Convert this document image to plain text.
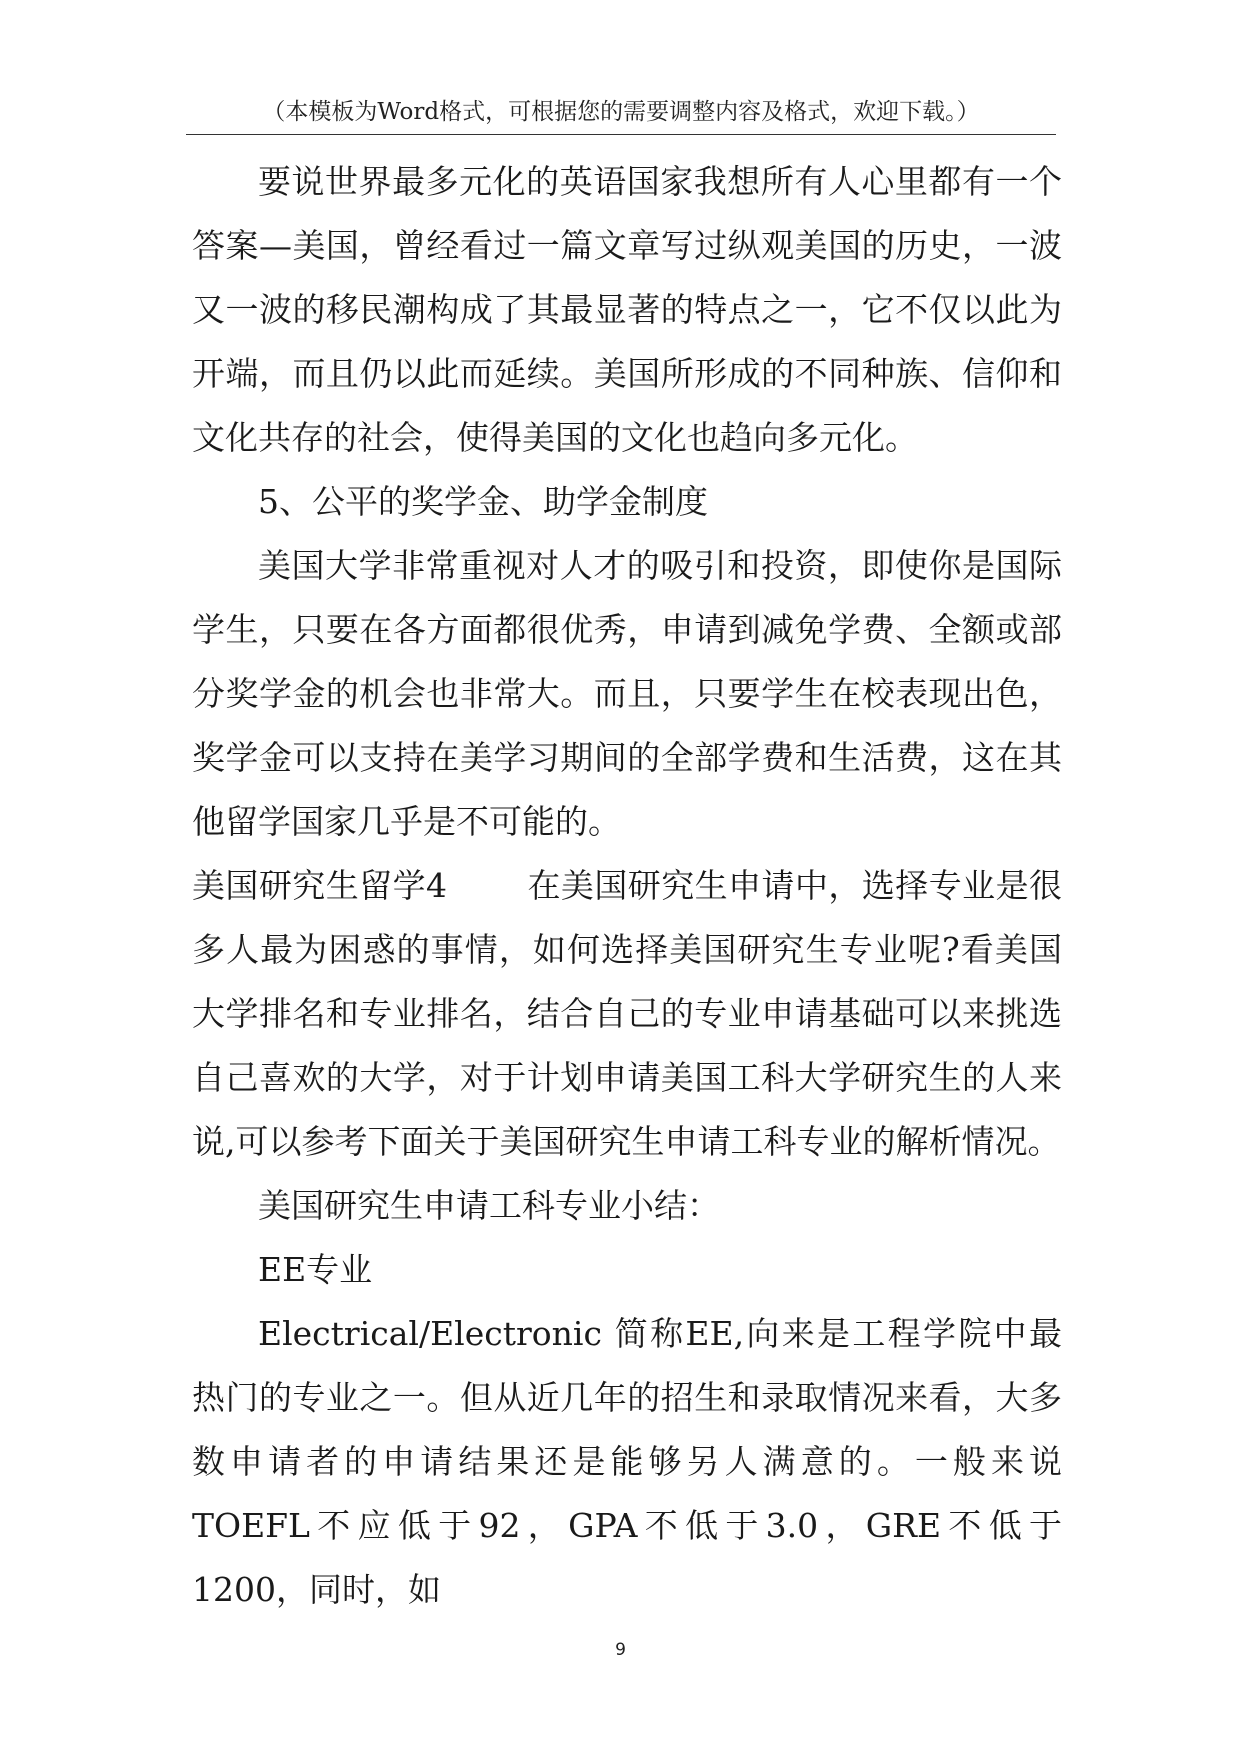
（本模板为Word格式，可根据您的需要调整内容及格式，欢迎下载。）

要说世界最多元化的英语国家我想所有人心里都有一个答案—美国，曾经看过一篇文章写过纵观美国的历史，一波又一波的移民潮构成了其最显著的特点之一，它不仅以此为开端，而且仍以此而延续。美国所形成的不同种族、信仰和文化共存的社会，使得美国的文化也趋向多元化。

5、公平的奖学金、助学金制度

美国大学非常重视对人才的吸引和投资，即使你是国际学生，只要在各方面都很优秀，申请到减免学费、全额或部分奖学金的机会也非常大。而且，只要学生在校表现出色，奖学金可以支持在美学习期间的全部学费和生活费，这在其他留学国家几乎是不可能的。

美国研究生留学4 在美国研究生申请中，选择专业是很多人最为困惑的事情，如何选择美国研究生专业呢?看美国大学排名和专业排名，结合自己的专业申请基础可以来挑选自己喜欢的大学，对于计划申请美国工科大学研究生的人来说,可以参考下面关于美国研究生申请工科专业的解析情况。

美国研究生申请工科专业小结：

EE专业

Electrical/Electronic 简称EE,向来是工程学院中最热门的专业之一。但从近几年的招生和录取情况来看，大多数申请者的申请结果还是能够另人满意的。一般来说TOEFL不应低于92，GPA不低于3.0，GRE不低于1200，同时，如

9
